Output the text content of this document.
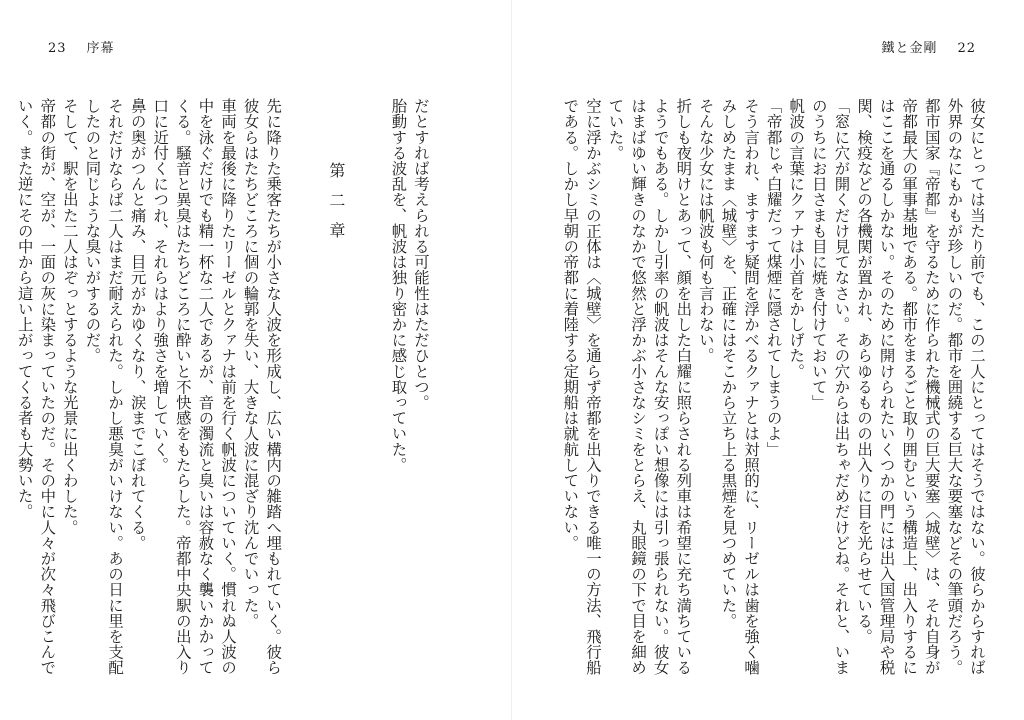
23 序幕

だとすれば考えられる可能性はただひとつ。

胎動する波乱を、帆波は独り密かに感じ取っていた。

第二章

先に降りた乗客たちが小さな人波を形成し、広い構内の雑踏へ埋もれていく。彼ら彼女らはたちどころに個の輪郭を失い、大きな人波に混ざり沈んでいった。

車両を最後に降りたリーゼルとクァナは前を行く帆波についていく。慣れぬ人波の中を泳ぐだけでも精一杯な二人であるが、音の濁流と臭いは容赦なく襲いかかってくる。騒音と異臭はたちどころに酔いと不快感をもたらした。帝都中央駅の出入り口に近付くにつれ、それらはより強さを増していく。

鼻の奥がつんと痛み、目元がかゆくなり、涙までこぼれてくる。

それだけならば二人はまだ耐えられた。しかし悪臭がいけない。あの日に里を支配したのと同じような臭いがするのだ。

そして、駅を出た二人はぞっとするような光景に出くわした。

帝都の街が、空が、一面の灰に染まっていたのだ。その中に人々が次々飛びこんでいく。また逆にその中から這い上がってくる者も大勢いた。

鐵と金剛 22

彼女にとっては当たり前でも、この二人にとってはそうではない。彼らからすれば外界のなにもかもが珍しいのだ。都市を囲繞する巨大な要塞などその筆頭だろう。

都市国家『帝都』を守るために作られた機械式の巨大要塞〈城壁〉は、それ自身が帝都最大の軍事基地である。都市をまるごと取り囲むという構造上、出入りするにはここを通るしかない。そのために開けられたいくつかの門には出入国管理局や税関、検疫などの各機関が置かれ、あらゆるものの出入りに目を光らせている。

「窓に穴が開くだけ見てなさい。その穴からは出ちゃだめだけどね。それと、いまのうちにお日さまも目に焼き付けておいて」

帆波の言葉にクァナは小首をかしげた。

「帝都じゃ白耀だって煤煙に隠されてしまうのよ」

そう言われ、ますます疑問を浮かべるクァナとは対照的に、リーゼルは歯を強く噛みしめたまま〈城壁〉を、正確にはそこから立ち上る黒煙を見つめていた。

そんな少女には帆波も何も言わない。

折しも夜明けとあって、顔を出した白耀に照らされる列車は希望に充ち満ちているようでもある。しかし引率の帆波はそんな安っぽい想像には引っ張られない。彼女はまばゆい輝きのなかで悠然と浮かぶ小さなシミをとらえ、丸眼鏡の下で目を細めていた。

空に浮かぶシミの正体は〈城壁〉を通らず帝都を出入りできる唯一の方法、飛行船である。しかし早朝の帝都に着陸する定期船は就航していない。
